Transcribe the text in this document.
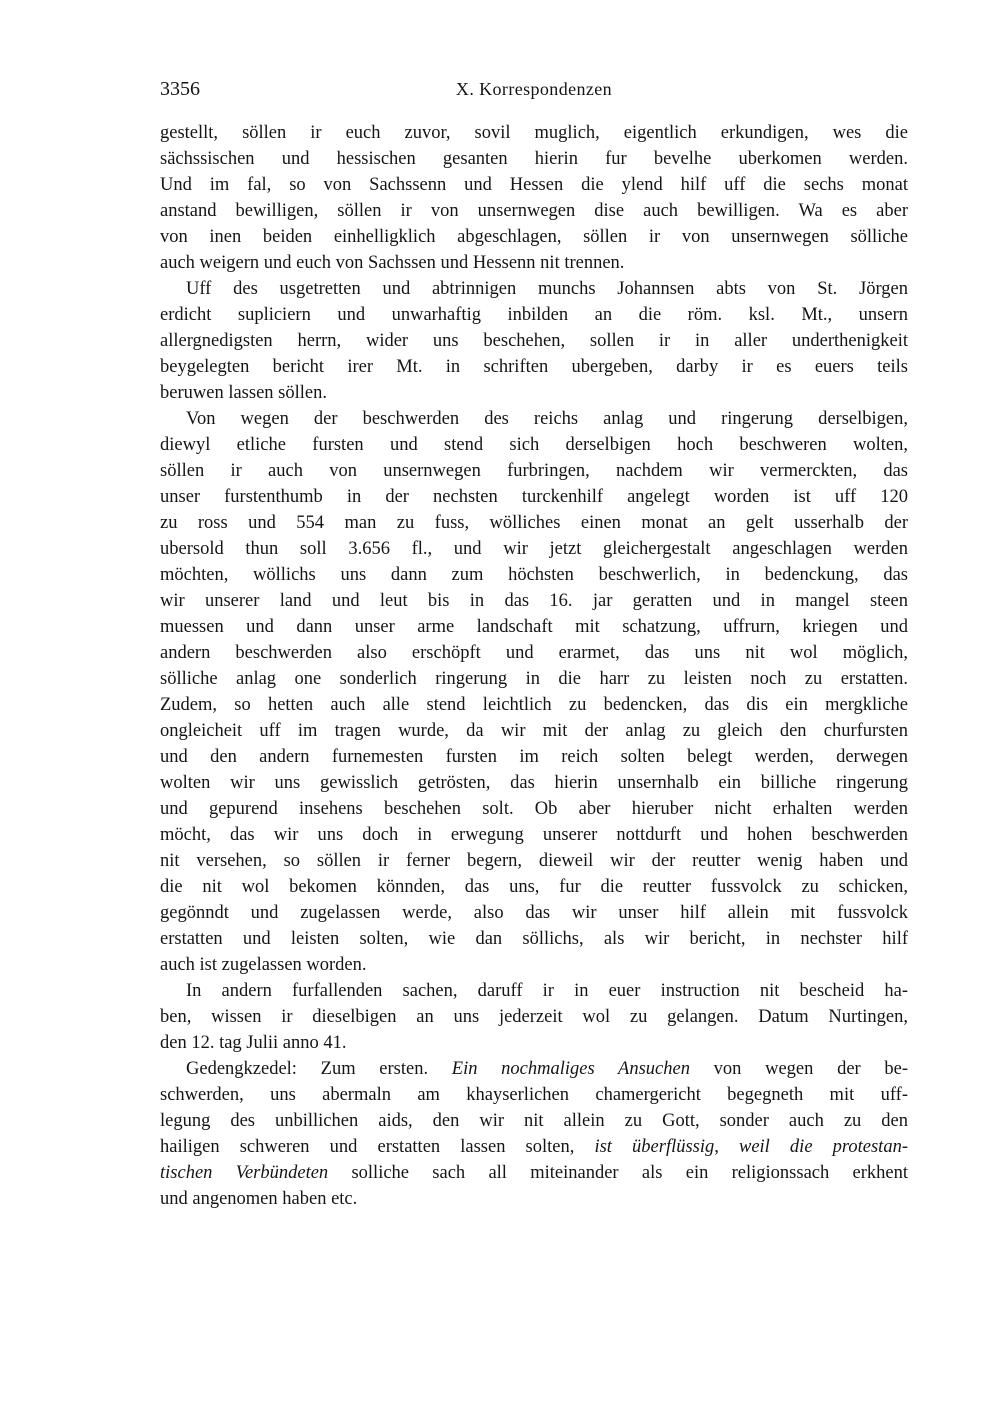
3356	X. Korrespondenzen
gestellt, söllen ir euch zuvor, sovil muglich, eigentlich erkundigen, wes die
sächssischen und hessischen gesanten hierin fur bevelhe uberkomen werden.
Und im fal, so von Sachssenn und Hessen die ylend hilf uff die sechs monat
anstand bewilligen, söllen ir von unsernwegen dise auch bewilligen. Wa es aber
von inen beiden einhelligklich abgeschlagen, söllen ir von unsernwegen sölliche
auch weigern und euch von Sachssen und Hessenn nit trennen.
Uff des usgetretten und abtrinnigen munchs Johannsen abts von St. Jörgen
erdicht supliciern und unwarhaftig inbilden an die röm. ksl. Mt., unsern
allergnedigsten herrn, wider uns beschehen, sollen ir in aller underthenigkeit
beygelegten bericht irer Mt. in schriften ubergeben, darby ir es euers teils
beruwen lassen söllen.
Von wegen der beschwerden des reichs anlag und ringerung derselbigen,
diewyl etliche fursten und stend sich derselbigen hoch beschweren wolten,
söllen ir auch von unsernwegen furbringen, nachdem wir vermerckten, das
unser furstenthumb in der nechsten turckenhilf angelegt worden ist uff 120
zu ross und 554 man zu fuss, wölliches einen monat an gelt usserhalb der
ubersold thun soll 3.656 fl., und wir jetzt gleichergestalt angeschlagen werden
möchten, wöllichs uns dann zum höchsten beschwerlich, in bedenckung, das
wir unserer land und leut bis in das 16. jar geratten und in mangel steen
muessen und dann unser arme landschaft mit schatzung, uffrurn, kriegen und
andern beschwerden also erschöpft und erarmet, das uns nit wol möglich,
sölliche anlag one sonderlich ringerung in die harr zu leisten noch zu erstatten.
Zudem, so hetten auch alle stend leichtlich zu bedencken, das dis ein mergkliche
ongleicheit uff im tragen wurde, da wir mit der anlag zu gleich den churfursten
und den andern furnemesten fursten im reich solten belegt werden, derwegen
wolten wir uns gewisslich getrösten, das hierin unsernhalb ein billiche ringerung
und gepurend insehens beschehen solt. Ob aber hieruber nicht erhalten werden
möcht, das wir uns doch in erwegung unserer nottdurft und hohen beschwerden
nit versehen, so söllen ir ferner begern, dieweil wir der reutter wenig haben und
die nit wol bekomen könnden, das uns, fur die reutter fussvolck zu schicken,
gegönndt und zugelassen werde, also das wir unser hilf allein mit fussvolck
erstatten und leisten solten, wie dan söllichs, als wir bericht, in nechster hilf
auch ist zugelassen worden.
In andern furfallenden sachen, daruff ir in euer instruction nit bescheid ha-
ben, wissen ir dieselbigen an uns jederzeit wol zu gelangen. Datum Nurtingen,
den 12. tag Julii anno 41.
Gedengkzedel: Zum ersten. Ein nochmaliges Ansuchen von wegen der be-
schwerden, uns abermaln am khayserlichen chamergericht begegneth mit uff-
legung des unbillichen aids, den wir nit allein zu Gott, sonder auch zu den
hailigen schweren und erstatten lassen solten, ist überflüssig, weil die protestan-
tischen Verbündeten solliche sach all miteinander als ein religionssach erkhent
und angenomen haben etc.
